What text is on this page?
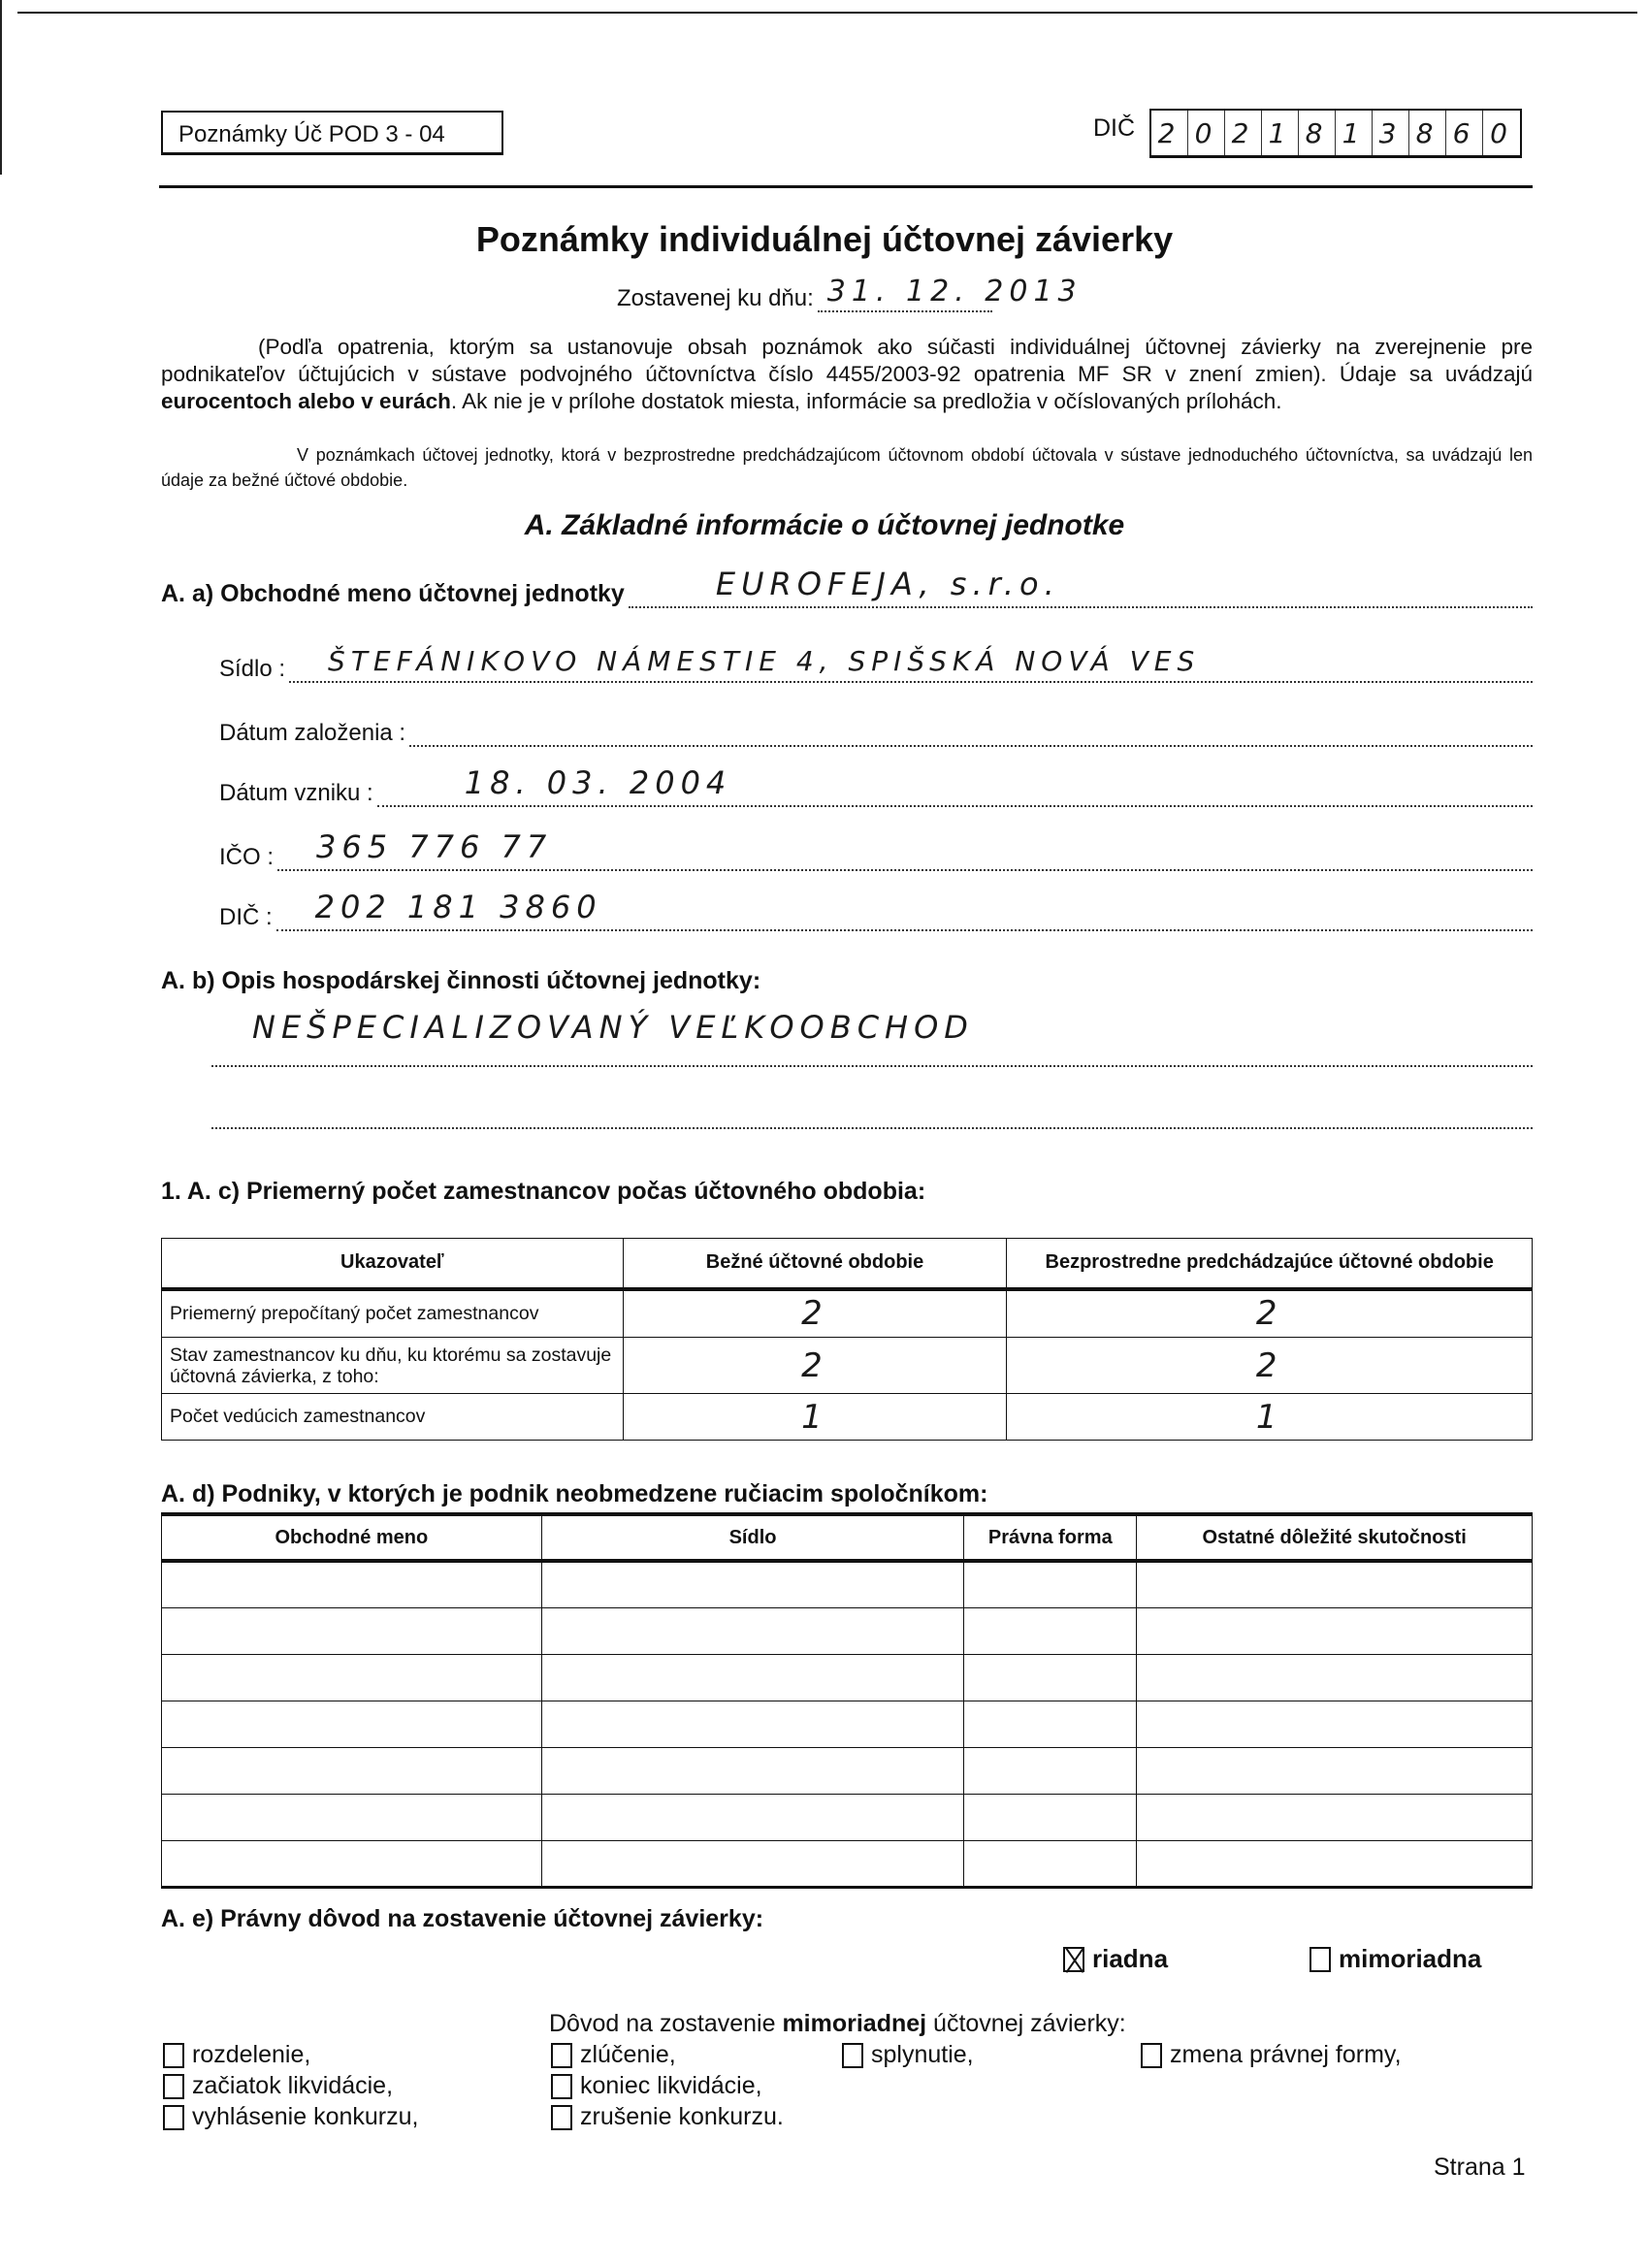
Poznámky Úč POD 3 - 04	DIČ 2 0 2 1 8 1 3 8 6 0
Poznámky individuálnej účtovnej závierky
Zostavenej ku dňu: 31. 12. 2013
(Podľa opatrenia, ktorým sa ustanovuje obsah poznámok ako súčasti individuálnej účtovnej závierky na zverejnenie pre podnikateľov účtujúcich v sústave podvojného účtovníctva číslo 4455/2003-92 opatrenia MF SR v znení zmien). Údaje sa uvádzajú eurocentoch alebo v eurách. Ak nie je v prílohe dostatok miesta, informácie sa predložia v očíslovaných prílohách.
V poznámkach účtovej jednotky, ktorá v bezprostredne predchádzajúcom účtovnom období účtovala v sústave jednoduchého účtovníctva, sa uvádzajú len údaje za bežné účtové obdobie.
A. Základné informácie o účtovnej jednotke
A. a) Obchodné meno účtovnej jednotky	EUROFEJA, s.r.o.
Sídlo : ŠTEFÁNIKOVO NÁMESTIE 4, SPIŠSKÁ NOVÁ VES
Dátum založenia :
Dátum vzniku :	18. 03. 2004
IČO : 365 776 77
DIČ : 202 181 3860
A. b) Opis hospodárskej činnosti účtovnej jednotky:
NEŠPECIALIZOVANÝ VEĽKOOBCHOD
1. A. c) Priemerný počet zamestnancov počas účtovného obdobia:
Ukazovateľ	Bežné účtovné obdobie	Bezprostredne predchádzajúce účtovné obdobie
Priemerný prepočítaný počet zamestnancov	2	2
Stav zamestnancov ku dňu, ku ktorému sa zostavuje účtovná závierka, z toho:	2	2
Počet vedúcich zamestnancov	1	1
A. d) Podniky, v ktorých je podnik neobmedzene ručiacim spoločníkom:
Obchodné meno	Sídlo	Právna forma	Ostatné dôležité skutočnosti

A. e) Právny dôvod na zostavenie účtovnej závierky:
riadna	mimoriadna
Dôvod na zostavenie mimoriadnej účtovnej závierky:
rozdelenie,
začiatok likvidácie,
vyhlásenie konkurzu,
zlúčenie,
koniec likvidácie,
zrušenie konkurzu.
splynutie,	zmena právnej formy,
Strana 1
